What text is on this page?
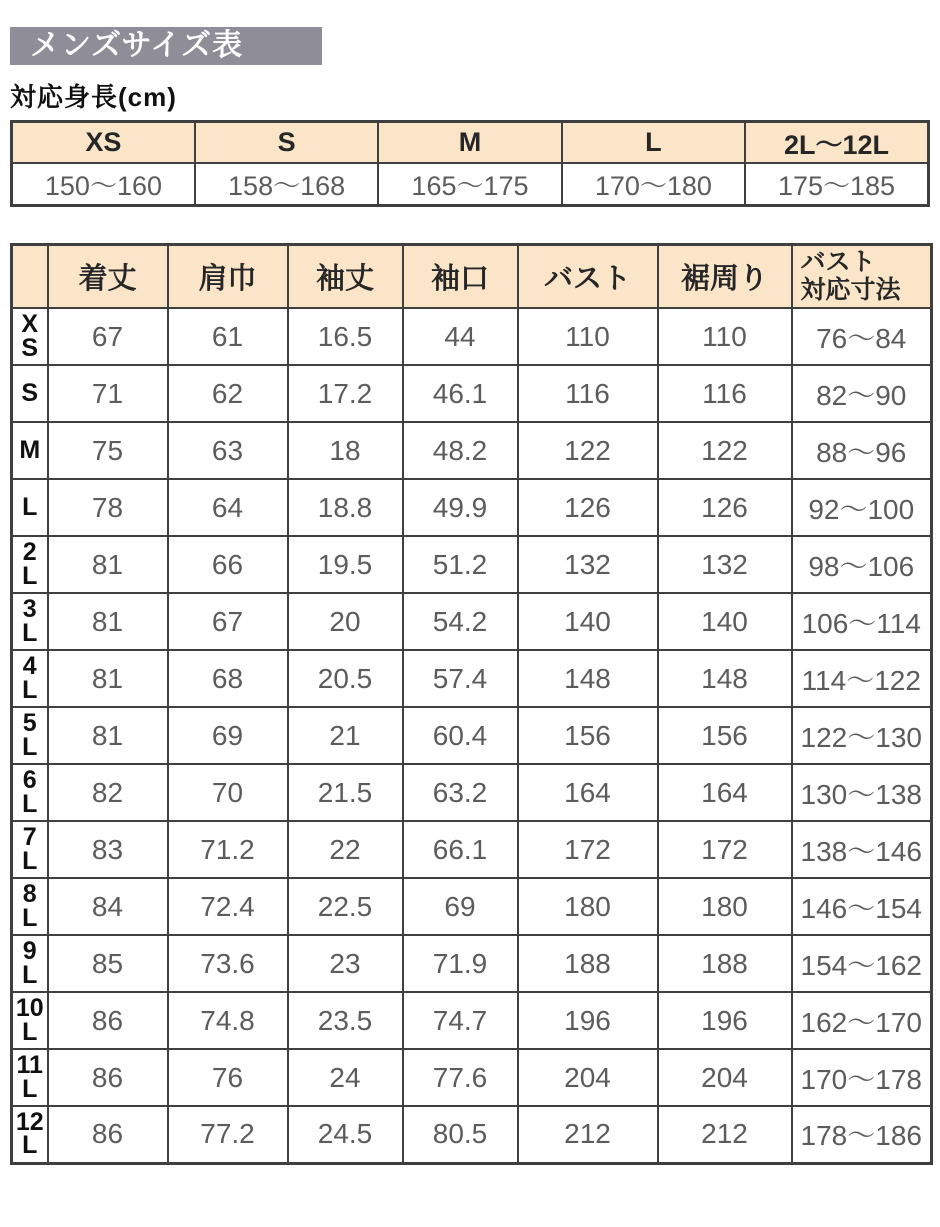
メンズサイズ表
対応身長(cm)
XS	S	M	L	2L～12L
150～160	158～168	165～175	170～180	175～185
	着丈	肩巾	袖丈	袖口	バスト	裾周り	バスト
対応寸法

X
S	67	61	16.5	44	110	110	76～84

S	71	62	17.2	46.1	116	116	82～90

M	75	63	18	48.2	122	122	88～96

L	78	64	18.8	49.9	126	126	92～100

2
L	81	66	19.5	51.2	132	132	98～106

3
L	81	67	20	54.2	140	140	106～114

4
L	81	68	20.5	57.4	148	148	114～122

5
L	81	69	21	60.4	156	156	122～130

6
L	82	70	21.5	63.2	164	164	130～138

7
L	83	71.2	22	66.1	172	172	138～146

8
L	84	72.4	22.5	69	180	180	146～154

9
L	85	73.6	23	71.9	188	188	154～162

10
L	86	74.8	23.5	74.7	196	196	162～170

11
L	86	76	24	77.6	204	204	170～178

12
L	86	77.2	24.5	80.5	212	212	178～186
